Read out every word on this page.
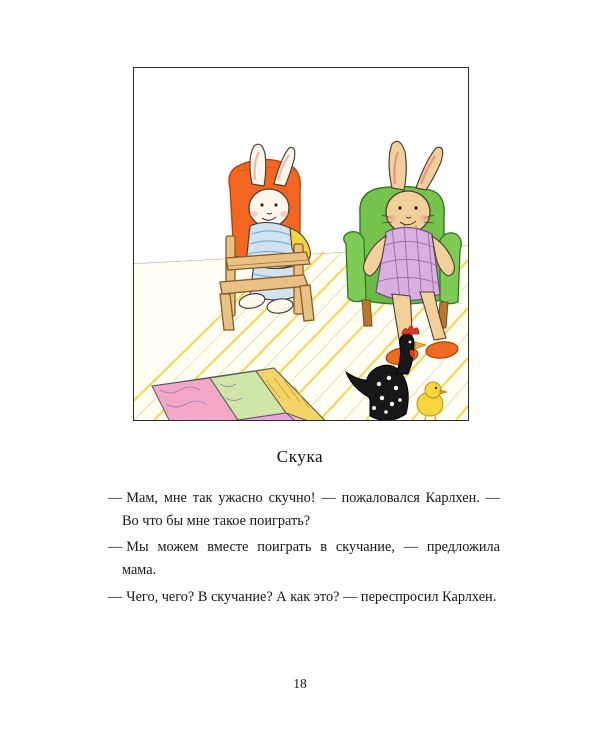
Скука

— Мам, мне так ужасно скучно! — пожаловался Карлхен. — Во что бы мне такое поиграть?

— Мы можем вместе поиграть в скучание, — предложила мама.

— Чего, чего? В скучание? А как это? — переспросил Карлхен.

18
